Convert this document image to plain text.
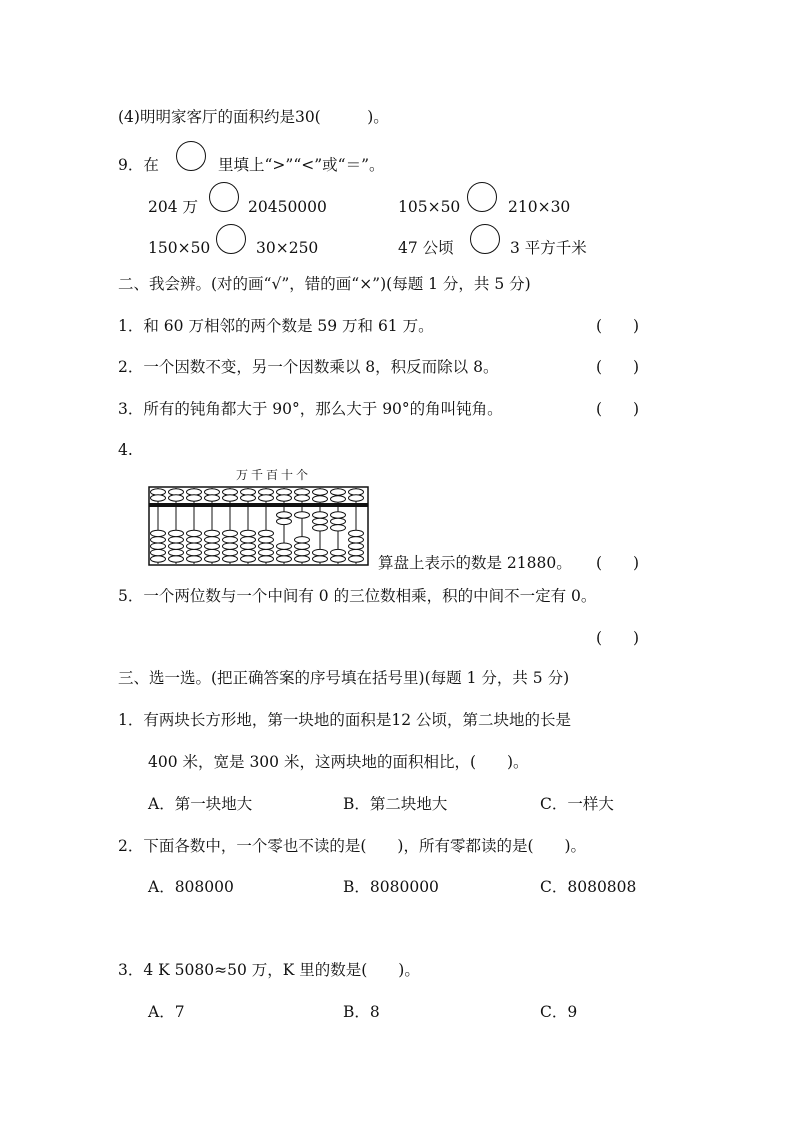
(4)明明家客厅的面积约是30(　　　)。
9．在	里填上“>”“<”或“＝”。
204 万	20450000	105×50	210×30
150×50	30×250	47 公顷	3 平方千米
二、我会辨。(对的画“√”，错的画“×”)(每题 1 分，共 5 分)
1．和 60 万相邻的两个数是 59 万和 61 万。	(　　)
2．一个因数不变，另一个因数乘以 8，积反而除以 8。	(　　)
3．所有的钝角都大于 90°，那么大于 90°的角叫钝角。	(　　)
4.
万千百十个
算盘上表示的数是 21880。 (　　)
5．一个两位数与一个中间有 0 的三位数相乘，积的中间不一定有 0。
(　　)
三、选一选。(把正确答案的序号填在括号里)(每题 1 分，共 5 分)
1．有两块长方形地，第一块地的面积是12 公顷，第二块地的长是
400 米，宽是 300 米，这两块地的面积相比，(　　)。
A．第一块地大	B．第二块地大	C．一样大
2．下面各数中，一个零也不读的是(　　)，所有零都读的是(　　)。
A．808000	B．8080000	C．8080808
3．4 K 5080≈50 万，K 里的数是(　　)。
A．7	B．8	C．9
